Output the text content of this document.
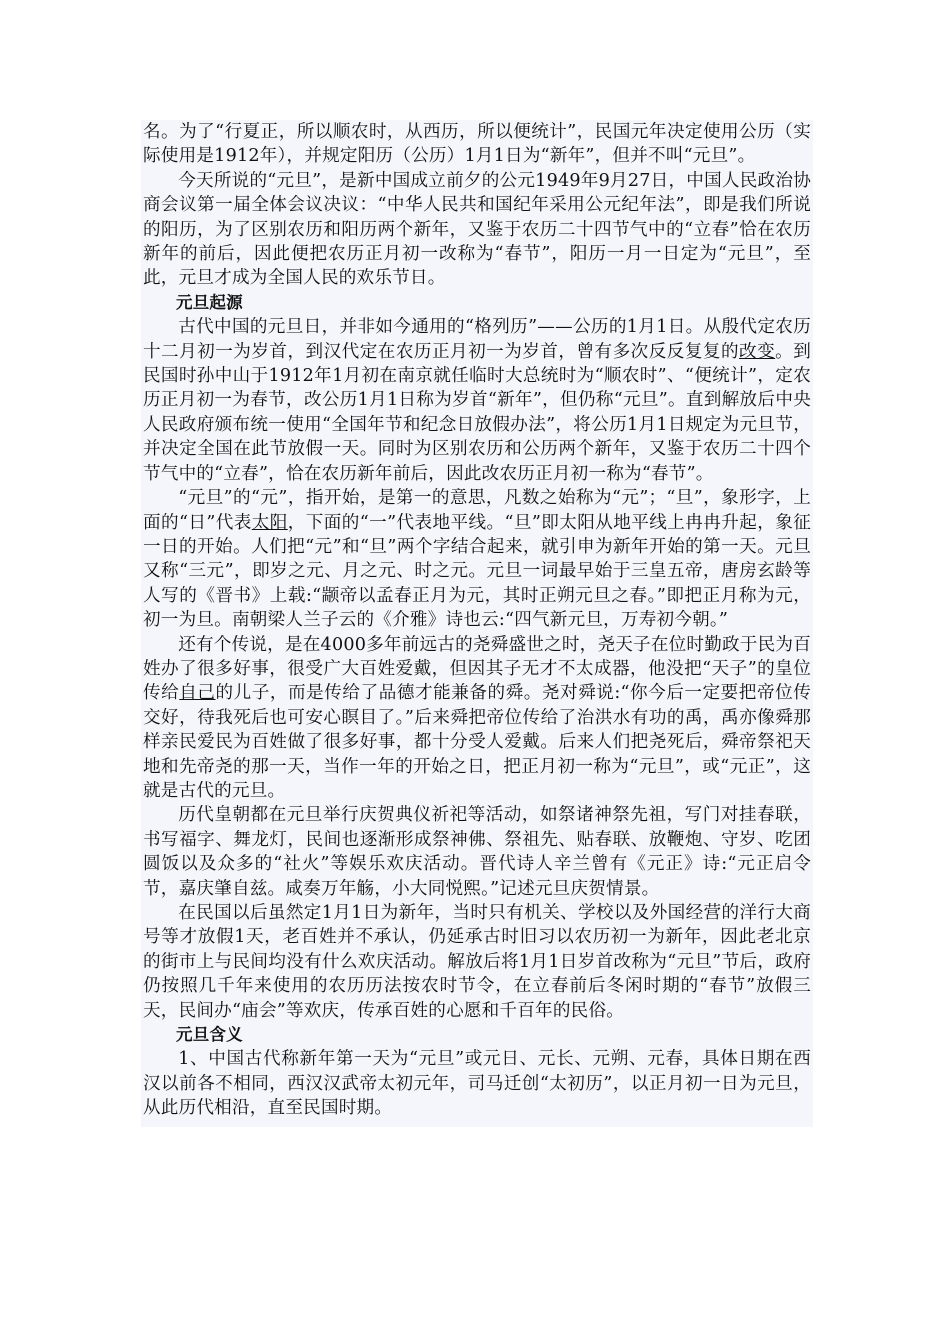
名。为了“行夏正，所以顺农时，从西历，所以便统计”，民国元年决定使用公历（实际使用是1912年），并规定阳历（公历）1月1日为“新年”，但并不叫“元旦”。

今天所说的“元旦”，是新中国成立前夕的公元1949年9月27日，中国人民政治协商会议第一届全体会议决议：“中华人民共和国纪年采用公元纪年法”，即是我们所说的阳历，为了区别农历和阳历两个新年，又鉴于农历二十四节气中的“立春”恰在农历新年的前后，因此便把农历正月初一改称为“春节”，阳历一月一日定为“元旦”，至此，元旦才成为全国人民的欢乐节日。

元旦起源

古代中国的元旦日，并非如今通用的“格列历”——公历的1月1日。从殷代定农历十二月初一为岁首，到汉代定在农历正月初一为岁首，曾有多次反反复复的改变。到民国时孙中山于1912年1月初在南京就任临时大总统时为“顺农时”、“便统计”，定农历正月初一为春节，改公历1月1日称为岁首“新年”，但仍称“元旦”。直到解放后中央人民政府颁布统一使用“全国年节和纪念日放假办法”，将公历1月1日规定为元旦节，并决定全国在此节放假一天。同时为区别农历和公历两个新年，又鉴于农历二十四个节气中的“立春”，恰在农历新年前后，因此改农历正月初一称为“春节”。

“元旦”的“元”，指开始，是第一的意思，凡数之始称为“元”；“旦”，象形字，上面的“日”代表太阳，下面的“一”代表地平线。“旦”即太阳从地平线上冉冉升起，象征一日的开始。人们把“元”和“旦”两个字结合起来，就引申为新年开始的第一天。元旦又称“三元”，即岁之元、月之元、时之元。元旦一词最早始于三皇五帝，唐房玄龄等人写的《晋书》上载:“颛帝以孟春正月为元，其时正朔元旦之春。”即把正月称为元，初一为旦。南朝梁人兰子云的《介雅》诗也云:“四气新元旦，万寿初今朝。”

还有个传说，是在4000多年前远古的尧舜盛世之时，尧天子在位时勤政于民为百姓办了很多好事，很受广大百姓爱戴，但因其子无才不太成器，他没把“天子”的皇位传给自己的儿子，而是传给了品德才能兼备的舜。尧对舜说:“你今后一定要把帝位传交好，待我死后也可安心瞑目了。”后来舜把帝位传给了治洪水有功的禹，禹亦像舜那样亲民爱民为百姓做了很多好事，都十分受人爱戴。后来人们把尧死后，舜帝祭祀天地和先帝尧的那一天，当作一年的开始之日，把正月初一称为“元旦”，或“元正”，这就是古代的元旦。

历代皇朝都在元旦举行庆贺典仪祈祀等活动，如祭诸神祭先祖，写门对挂春联，书写福字、舞龙灯，民间也逐渐形成祭神佛、祭祖先、贴春联、放鞭炮、守岁、吃团圆饭以及众多的“社火”等娱乐欢庆活动。晋代诗人辛兰曾有《元正》诗:“元正启令节，嘉庆肇自兹。咸奏万年觞，小大同悦熙。”记述元旦庆贺情景。

在民国以后虽然定1月1日为新年，当时只有机关、学校以及外国经营的洋行大商号等才放假1天，老百姓并不承认，仍延承古时旧习以农历初一为新年，因此老北京的街市上与民间均没有什么欢庆活动。解放后将1月1日岁首改称为“元旦”节后，政府仍按照几千年来使用的农历历法按农时节令，在立春前后冬闲时期的“春节”放假三天，民间办“庙会”等欢庆，传承百姓的心愿和千百年的民俗。

元旦含义

1、中国古代称新年第一天为“元旦”或元日、元长、元朔、元春，具体日期在西汉以前各不相同，西汉汉武帝太初元年，司马迁创“太初历”，以正月初一日为元旦，从此历代相沿，直至民国时期。
